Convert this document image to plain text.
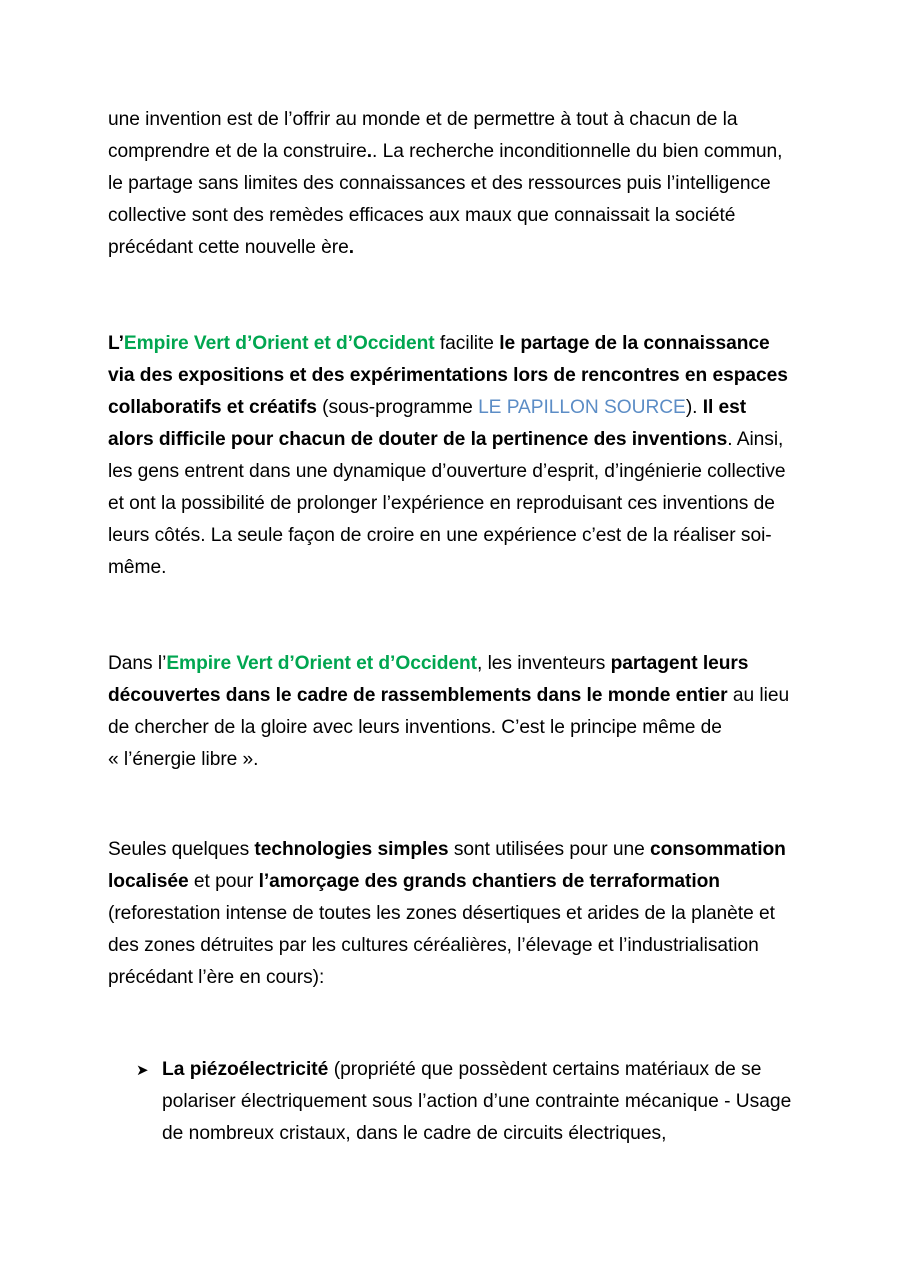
une invention est de l’offrir au monde et de permettre à tout à chacun de la comprendre et de la construire.. La recherche inconditionnelle du bien commun, le partage sans limites des connaissances et des ressources puis l’intelligence collective sont des remèdes efficaces aux maux que connaissait la société précédant cette nouvelle ère.

L’Empire Vert d’Orient et d’Occident facilite le partage de la connaissance via des expositions et des expérimentations lors de rencontres en espaces collaboratifs et créatifs (sous-programme LE PAPILLON SOURCE). Il est alors difficile pour chacun de douter de la pertinence des inventions. Ainsi, les gens entrent dans une dynamique d’ouverture d’esprit, d’ingénierie collective et ont la possibilité de prolonger l’expérience en reproduisant ces inventions de leurs côtés. La seule façon de croire en une expérience c’est de la réaliser soi-même.

Dans l’Empire Vert d’Orient et d’Occident, les inventeurs partagent leurs découvertes dans le cadre de rassemblements dans le monde entier au lieu de chercher de la gloire avec leurs inventions. C’est le principe même de « l’énergie libre ».

Seules quelques technologies simples sont utilisées pour une consommation localisée et pour l’amorçage des grands chantiers de terraformation (reforestation intense de toutes les zones désertiques et arides de la planète et des zones détruites par les cultures céréalières, l’élevage et l’industrialisation précédant l’ère en cours):

➤ La piézoélectricité (propriété que possèdent certains matériaux de se polariser électriquement sous l’action d’une contrainte mécanique - Usage de nombreux cristaux, dans le cadre de circuits électriques,
